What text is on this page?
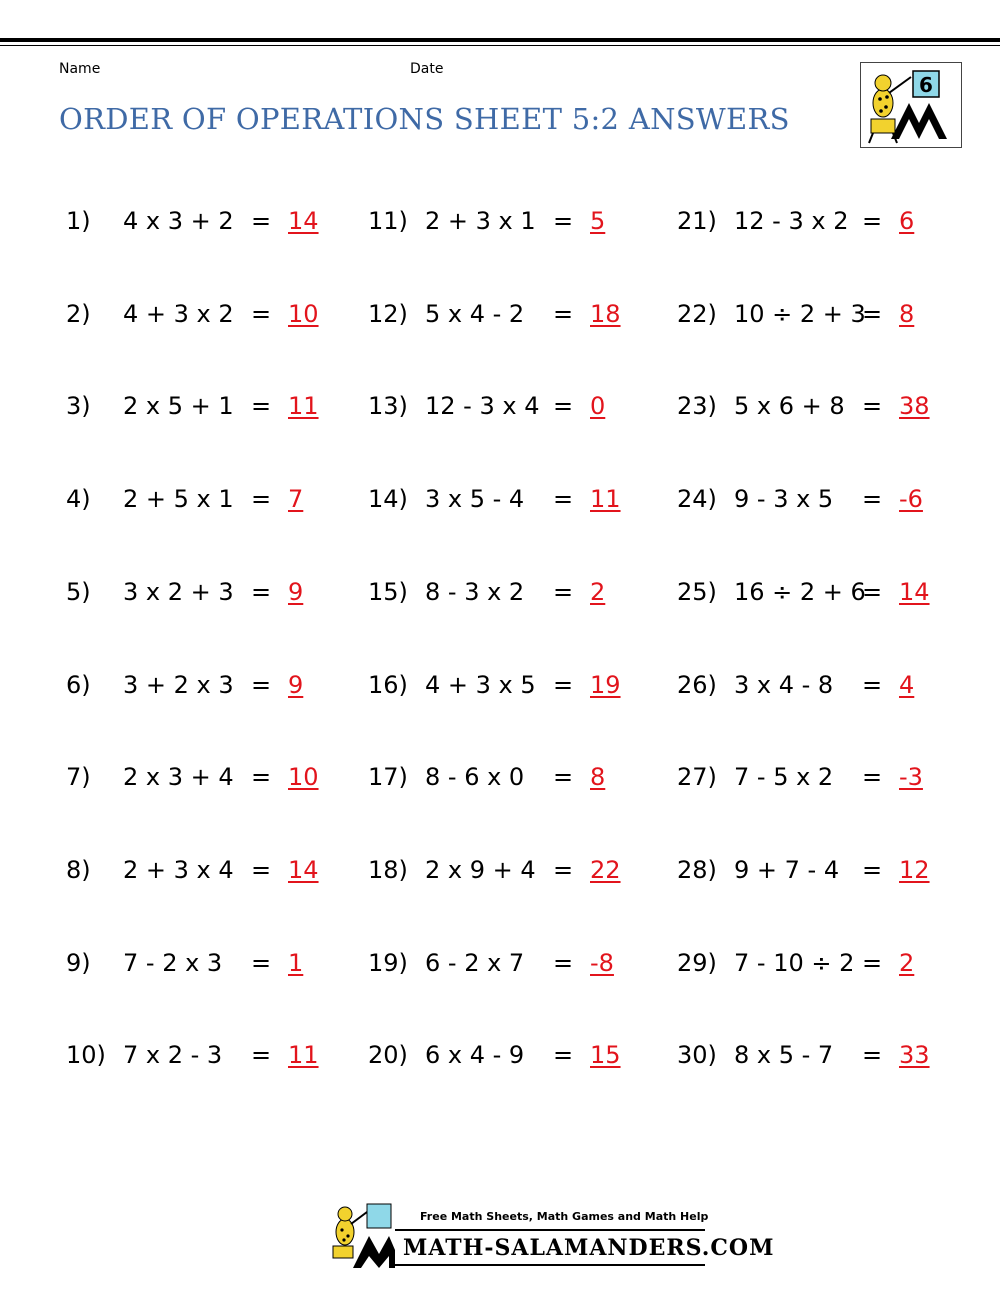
Name	Date
ORDER OF OPERATIONS SHEET 5:2 ANSWERS
6
1) 4 x 3 + 2 = 14
2) 4 + 3 x 2 = 10
3) 2 x 5 + 1 = 11
4) 2 + 5 x 1 = 7
5) 3 x 2 + 3 = 9
6) 3 + 2 x 3 = 9
7) 2 x 3 + 4 = 10
8) 2 + 3 x 4 = 14
9) 7 - 2 x 3 = 1
10) 7 x 2 - 3 = 11
11) 2 + 3 x 1 = 5
12) 5 x 4 - 2 = 18
13) 12 - 3 x 4 = 0
14) 3 x 5 - 4 = 11
15) 8 - 3 x 2 = 2
16) 4 + 3 x 5 = 19
17) 8 - 6 x 0 = 8
18) 2 x 9 + 4 = 22
19) 6 - 2 x 7 = -8
20) 6 x 4 - 9 = 15
21) 12 - 3 x 2 = 6
22) 10 ÷ 2 + 3
= 8
23) 5 x 6 + 8 = 38
24) 9 - 3 x 5 = -6
25) 16 ÷ 2 + 6
= 14
26) 3 x 4 - 8 = 4
27) 7 - 5 x 2 = -3
28) 9 + 7 - 4 = 12
29) 7 - 10 ÷ 2 = 2
30) 8 x 5 - 7 = 33
Free Math Sheets, Math Games and Math Help
MATH-SALAMANDERS.COM
